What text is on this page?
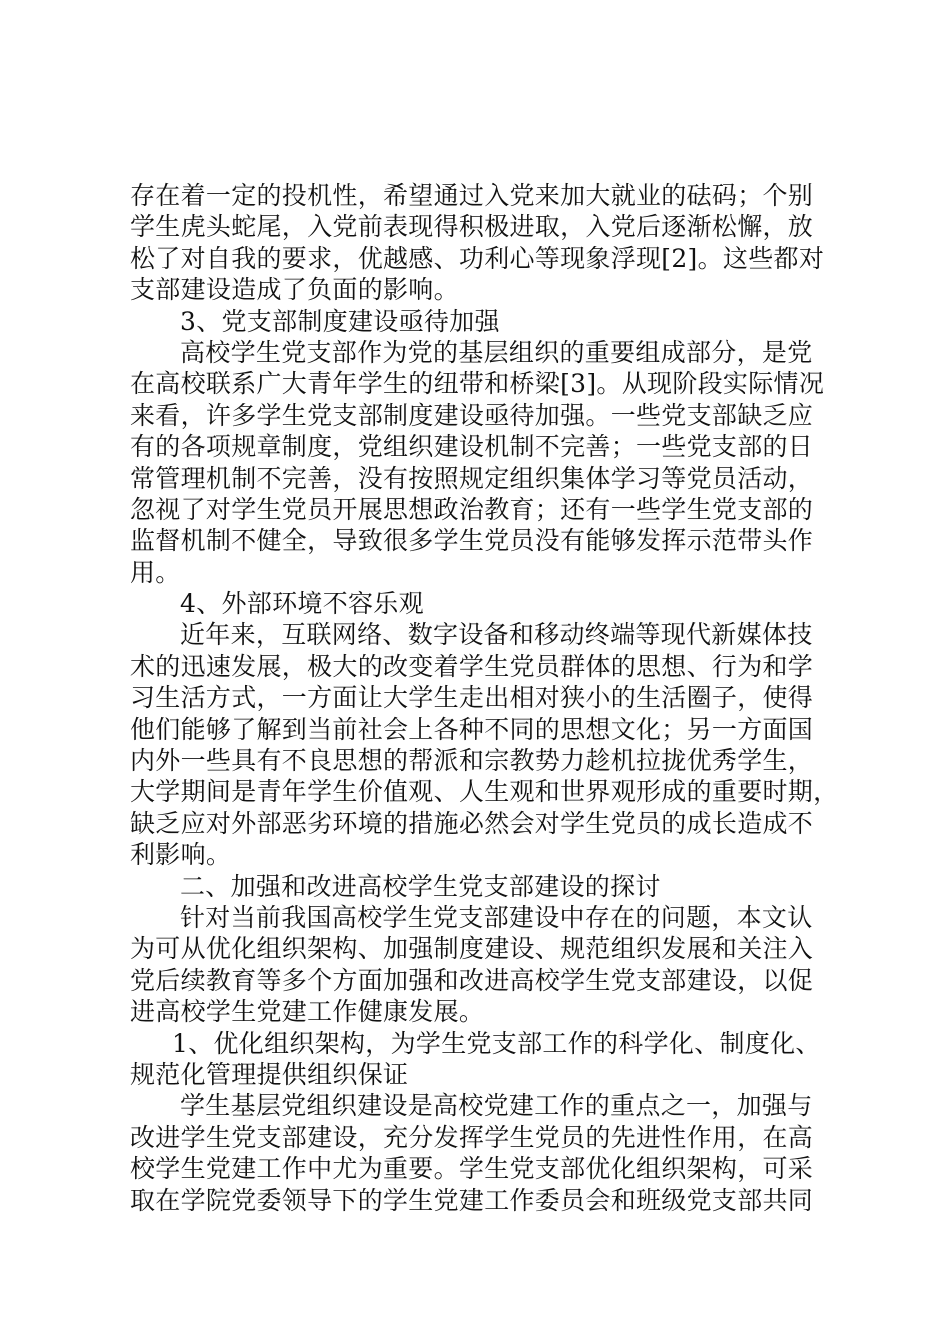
存在着一定的投机性，希望通过入党来加大就业的砝码；个别
学生虎头蛇尾，入党前表现得积极进取，入党后逐渐松懈，放
松了对自我的要求，优越感、功利心等现象浮现[2]。这些都对
支部建设造成了负面的影响。
3、党支部制度建设亟待加强
高校学生党支部作为党的基层组织的重要组成部分，是党
在高校联系广大青年学生的纽带和桥梁[3]。从现阶段实际情况
来看，许多学生党支部制度建设亟待加强。一些党支部缺乏应
有的各项规章制度，党组织建设机制不完善；一些党支部的日
常管理机制不完善，没有按照规定组织集体学习等党员活动，
忽视了对学生党员开展思想政治教育；还有一些学生党支部的
监督机制不健全，导致很多学生党员没有能够发挥示范带头作
用。
4、外部环境不容乐观
近年来，互联网络、数字设备和移动终端等现代新媒体技
术的迅速发展，极大的改变着学生党员群体的思想、行为和学
习生活方式，一方面让大学生走出相对狭小的生活圈子，使得
他们能够了解到当前社会上各种不同的思想文化；另一方面国
内外一些具有不良思想的帮派和宗教势力趁机拉拢优秀学生，
大学期间是青年学生价值观、人生观和世界观形成的重要时期，
缺乏应对外部恶劣环境的措施必然会对学生党员的成长造成不
利影响。
二、加强和改进高校学生党支部建设的探讨
针对当前我国高校学生党支部建设中存在的问题，本文认
为可从优化组织架构、加强制度建设、规范组织发展和关注入
党后续教育等多个方面加强和改进高校学生党支部建设，以促
进高校学生党建工作健康发展。
1、优化组织架构，为学生党支部工作的科学化、制度化、
规范化管理提供组织保证
学生基层党组织建设是高校党建工作的重点之一，加强与
改进学生党支部建设，充分发挥学生党员的先进性作用，在高
校学生党建工作中尤为重要。学生党支部优化组织架构，可采
取在学院党委领导下的学生党建工作委员会和班级党支部共同
